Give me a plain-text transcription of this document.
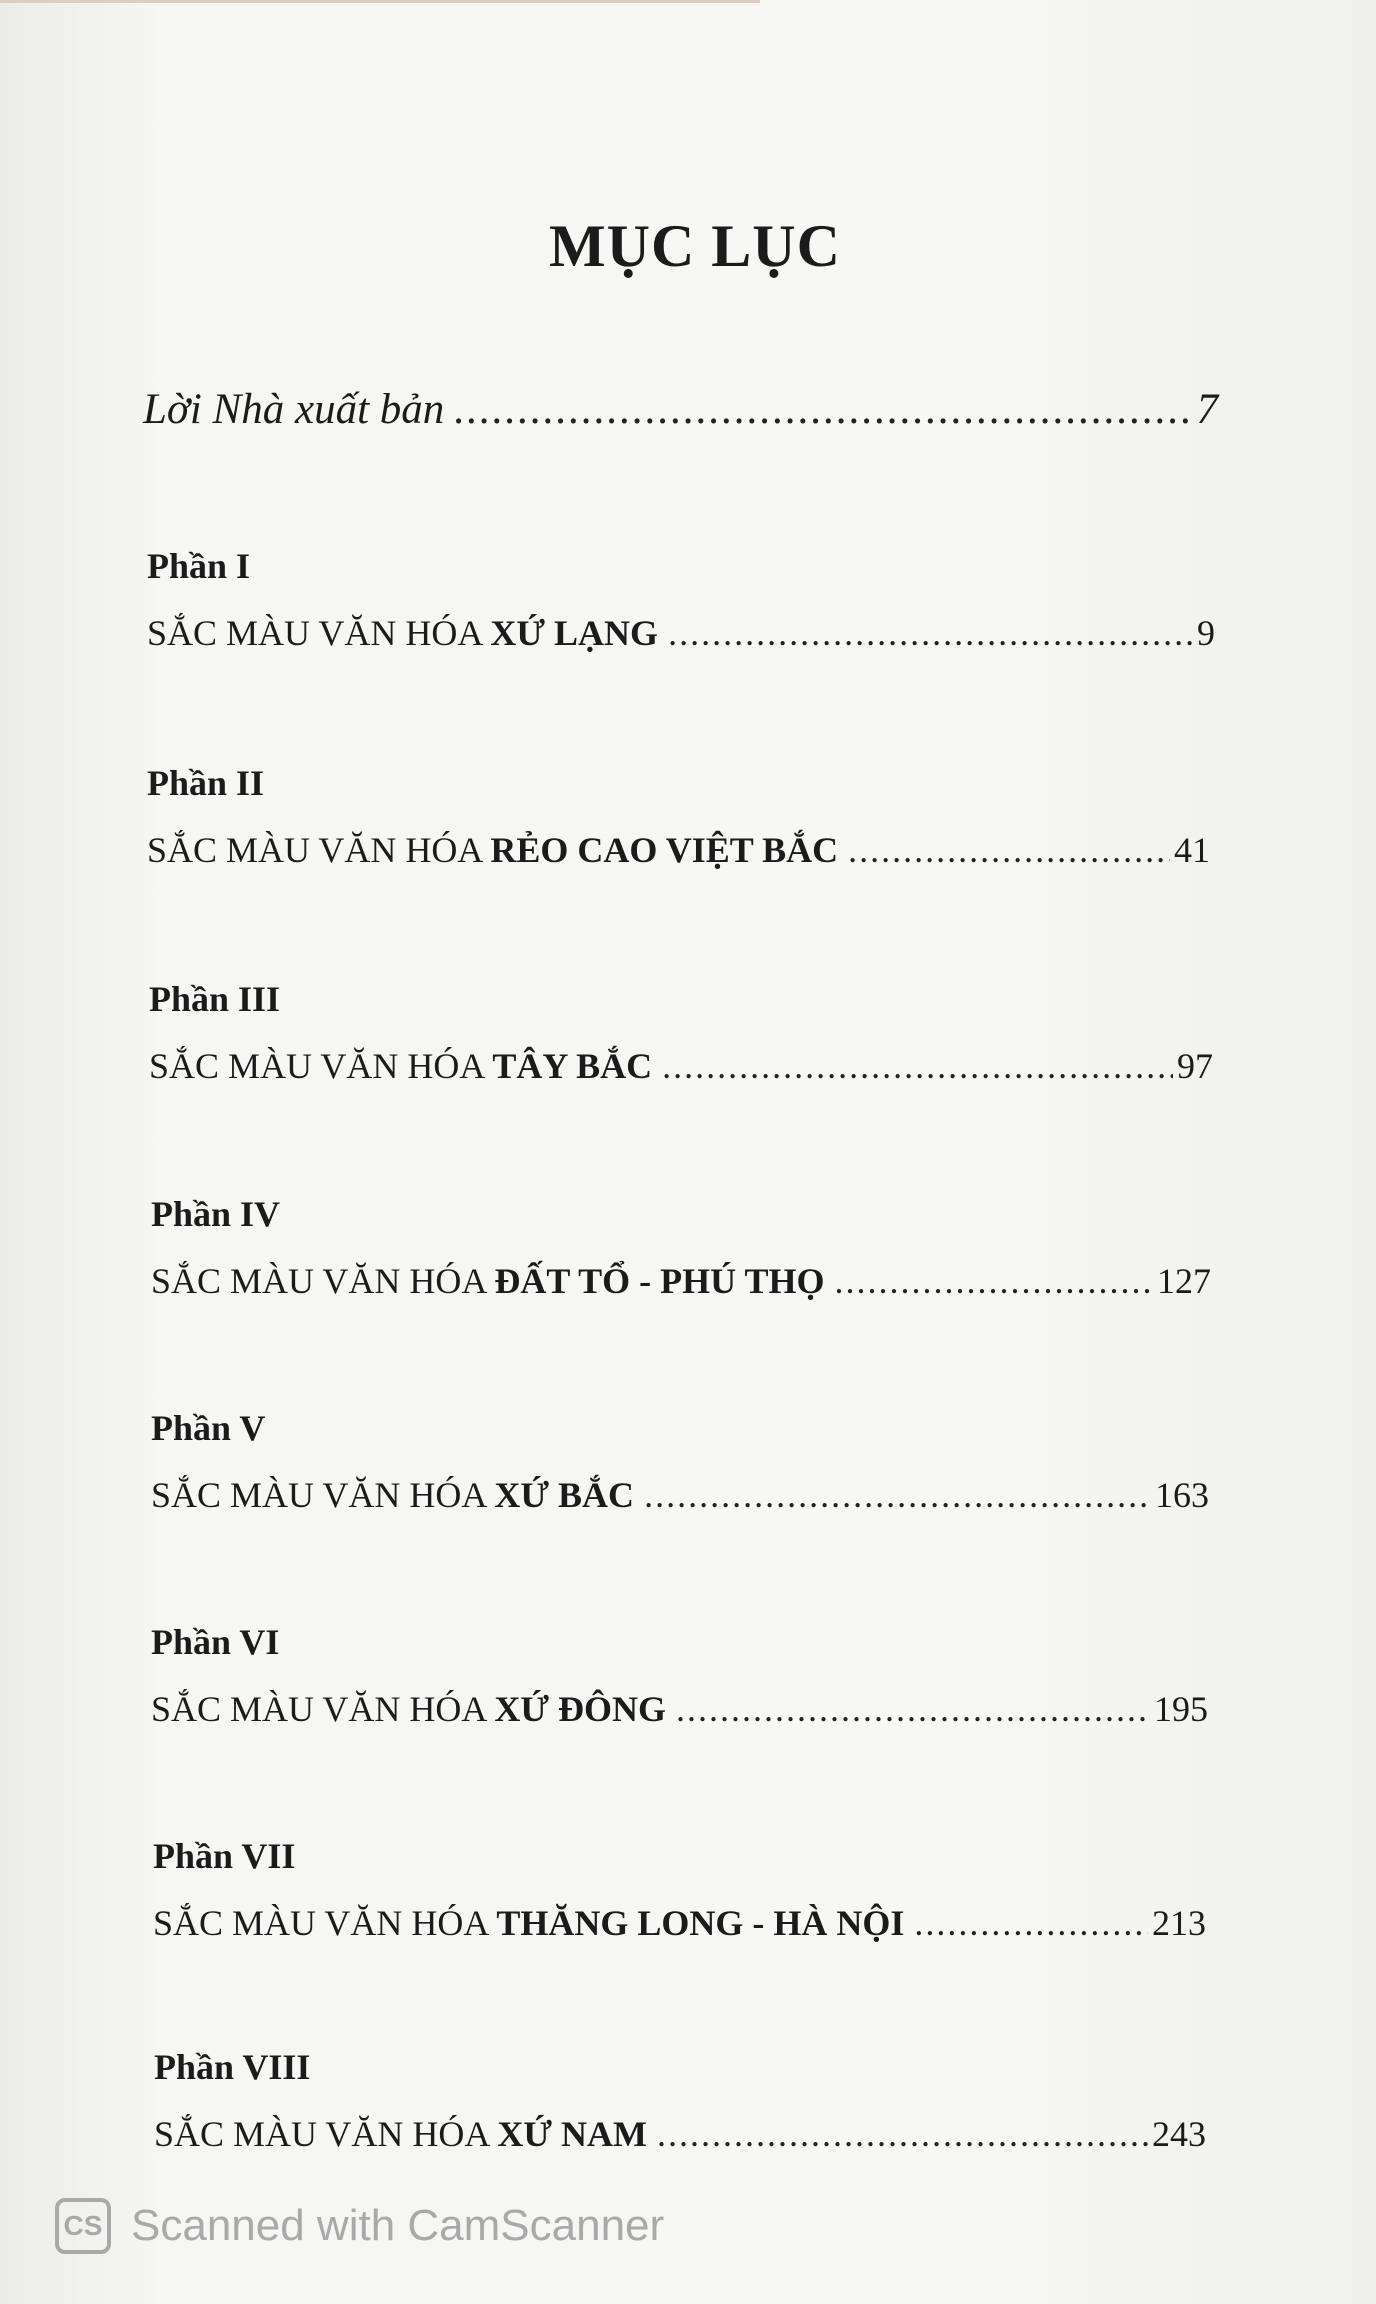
MỤC LỤC
Lời Nhà xuất bản .....	7
Phần I
SẮC MÀU VĂN HÓA XỨ LẠNG .....	9
Phần II
SẮC MÀU VĂN HÓA RẺO CAO VIỆT BẮC .....	41
Phần III
SẮC MÀU VĂN HÓA TÂY BẮC .....	97
Phần IV
SẮC MÀU VĂN HÓA ĐẤT TỔ - PHÚ THỌ .....	127
Phần V
SẮC MÀU VĂN HÓA XỨ BẮC .....	163
Phần VI
SẮC MÀU VĂN HÓA XỨ ĐÔNG .....	195
Phần VII
SẮC MÀU VĂN HÓA THĂNG LONG - HÀ NỘI .....	213
Phần VIII
SẮC MÀU VĂN HÓA XỨ NAM .....	243
CS Scanned with CamScanner
